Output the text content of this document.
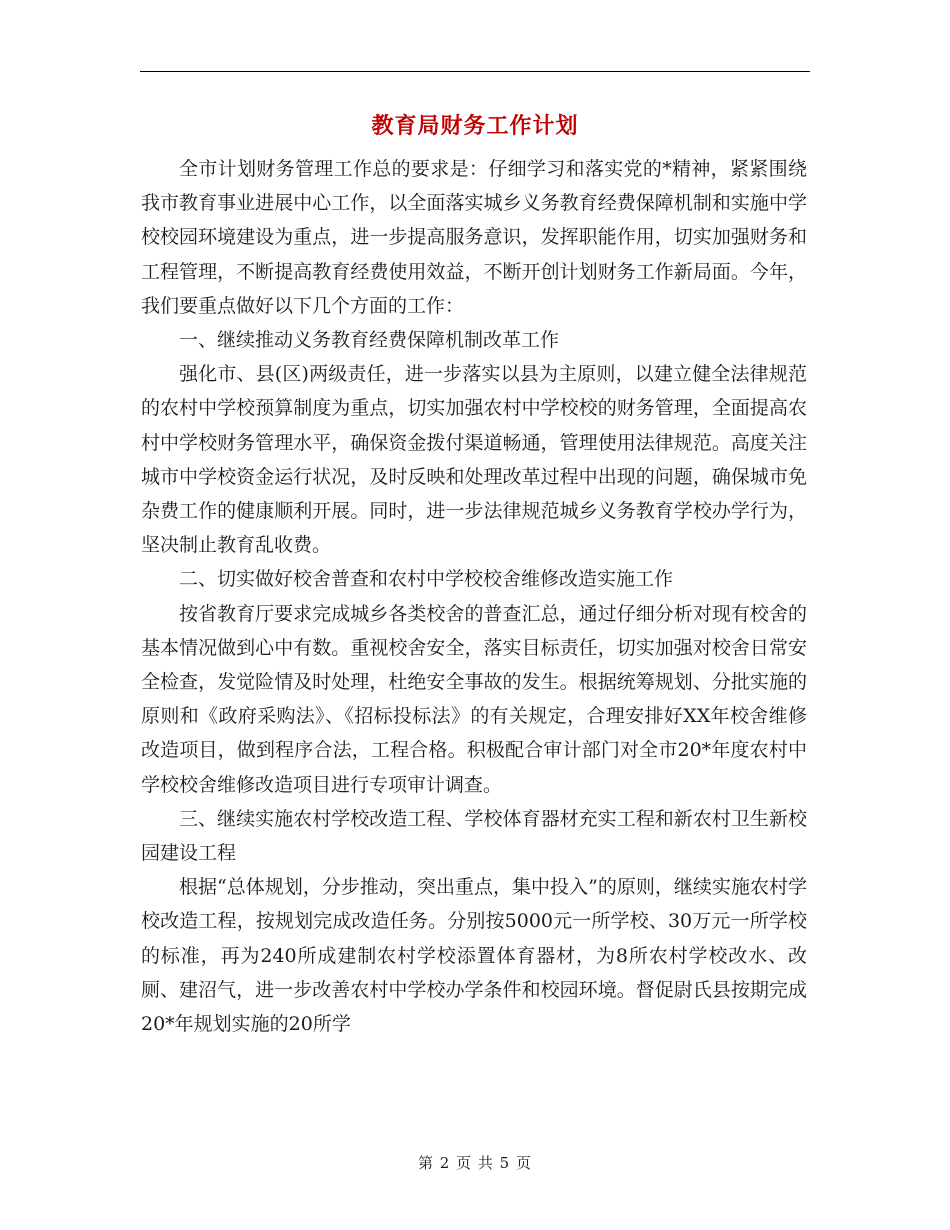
教育局财务工作计划

全市计划财务管理工作总的要求是：仔细学习和落实党的*精神，紧紧围绕我市教育事业进展中心工作，以全面落实城乡义务教育经费保障机制和实施中学校校园环境建设为重点，进一步提高服务意识，发挥职能作用，切实加强财务和工程管理，不断提高教育经费使用效益，不断开创计划财务工作新局面。今年，我们要重点做好以下几个方面的工作：

一、继续推动义务教育经费保障机制改革工作

强化市、县(区)两级责任，进一步落实以县为主原则，以建立健全法律规范的农村中学校预算制度为重点，切实加强农村中学校校的财务管理，全面提高农村中学校财务管理水平，确保资金拨付渠道畅通，管理使用法律规范。高度关注城市中学校资金运行状况，及时反映和处理改革过程中出现的问题，确保城市免杂费工作的健康顺利开展。同时，进一步法律规范城乡义务教育学校办学行为，坚决制止教育乱收费。

二、切实做好校舍普查和农村中学校校舍维修改造实施工作

按省教育厅要求完成城乡各类校舍的普查汇总，通过仔细分析对现有校舍的基本情况做到心中有数。重视校舍安全，落实目标责任，切实加强对校舍日常安全检查，发觉险情及时处理，杜绝安全事故的发生。根据统筹规划、分批实施的原则和《政府采购法》、《招标投标法》的有关规定，合理安排好XX年校舍维修改造项目，做到程序合法，工程合格。积极配合审计部门对全市20*年度农村中学校校舍维修改造项目进行专项审计调查。

三、继续实施农村学校改造工程、学校体育器材充实工程和新农村卫生新校园建设工程

根据“总体规划，分步推动，突出重点，集中投入”的原则，继续实施农村学校改造工程，按规划完成改造任务。分别按5000元一所学校、30万元一所学校的标准，再为240所成建制农村学校添置体育器材，为8所农村学校改水、改厕、建沼气，进一步改善农村中学校办学条件和校园环境。督促尉氏县按期完成20*年规划实施的20所学

第 2 页 共 5 页
